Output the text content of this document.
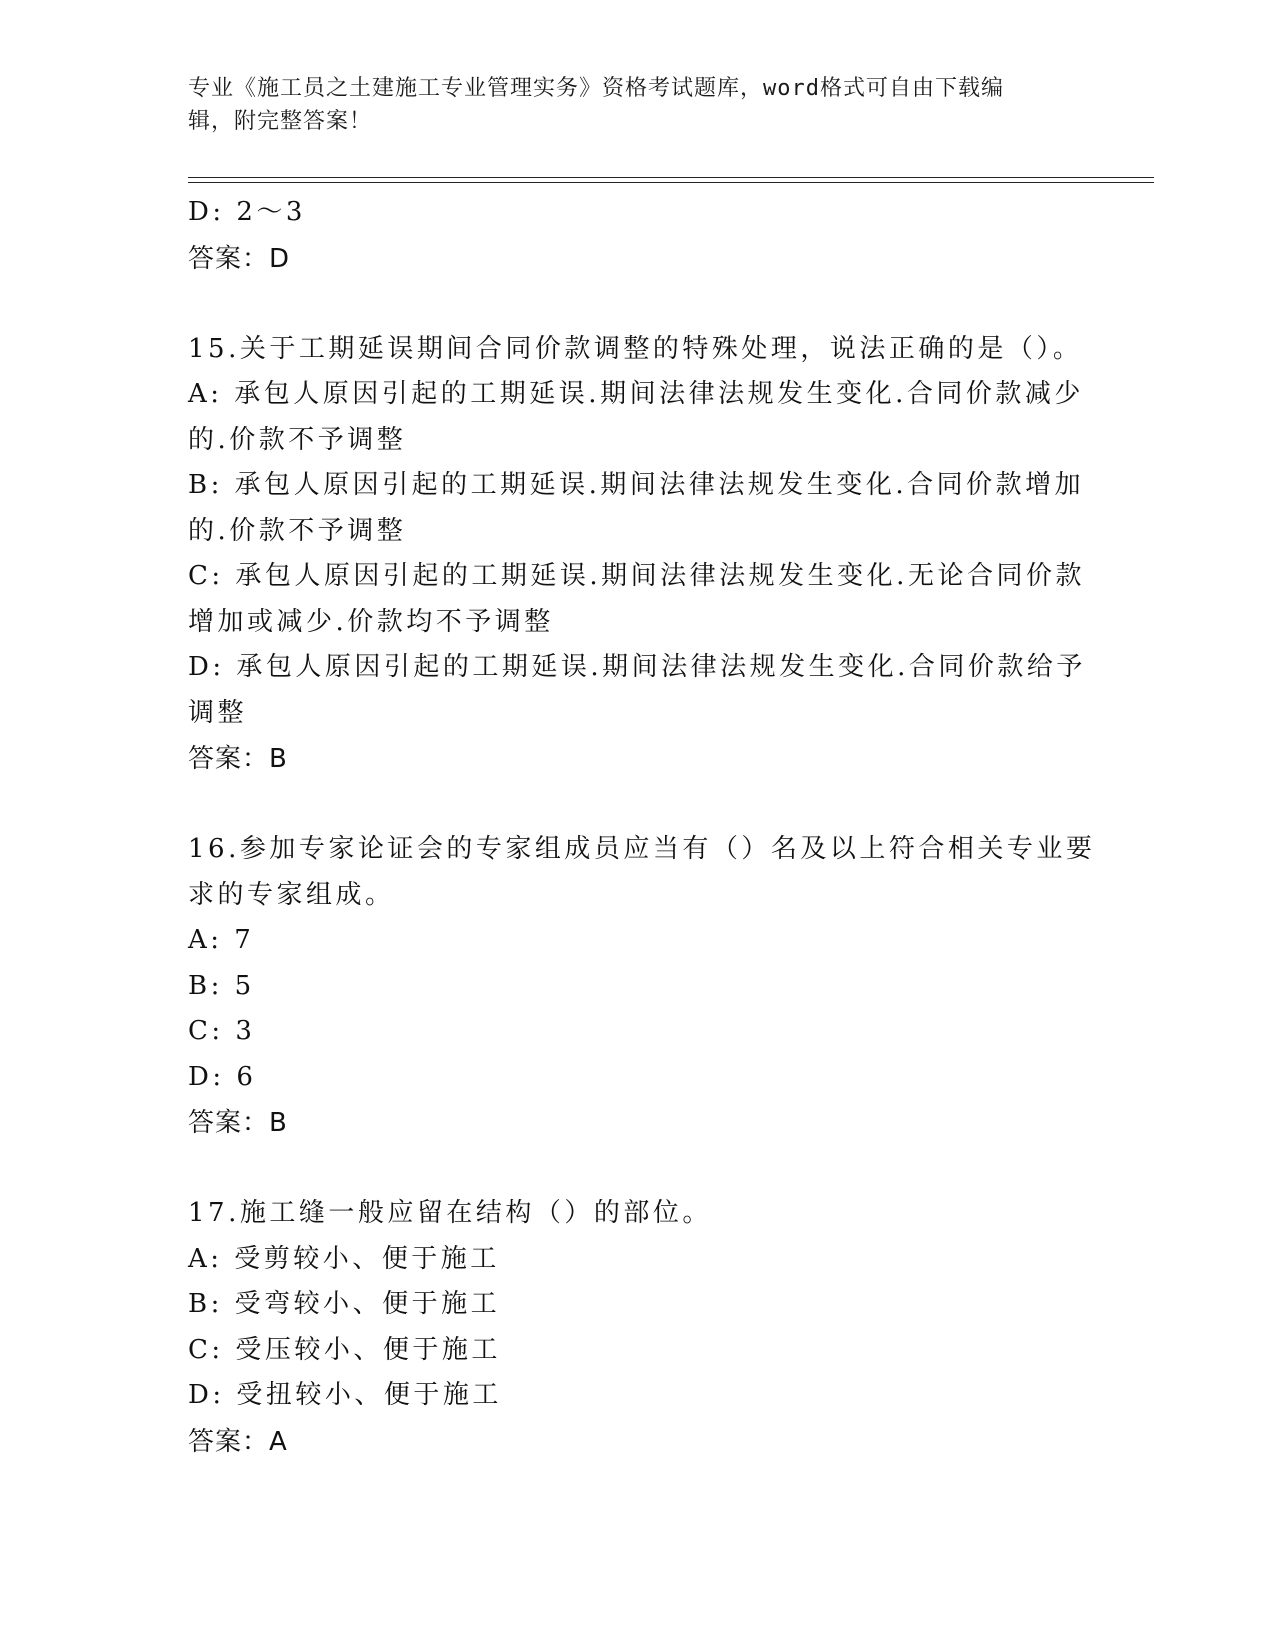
专业《施工员之土建施工专业管理实务》资格考试题库，word格式可自由下载编
辑，附完整答案！
D: 2～3
答案：D
15.关于工期延误期间合同价款调整的特殊处理，说法正确的是（）。
A: 承包人原因引起的工期延误.期间法律法规发生变化.合同价款减少
的.价款不予调整
B: 承包人原因引起的工期延误.期间法律法规发生变化.合同价款增加
的.价款不予调整
C: 承包人原因引起的工期延误.期间法律法规发生变化.无论合同价款
增加或减少.价款均不予调整
D: 承包人原因引起的工期延误.期间法律法规发生变化.合同价款给予
调整
答案：B
16.参加专家论证会的专家组成员应当有（）名及以上符合相关专业要
求的专家组成。
A: 7
B: 5
C: 3
D: 6
答案：B
17.施工缝一般应留在结构（）的部位。
A: 受剪较小、便于施工
B: 受弯较小、便于施工
C: 受压较小、便于施工
D: 受扭较小、便于施工
答案：A
